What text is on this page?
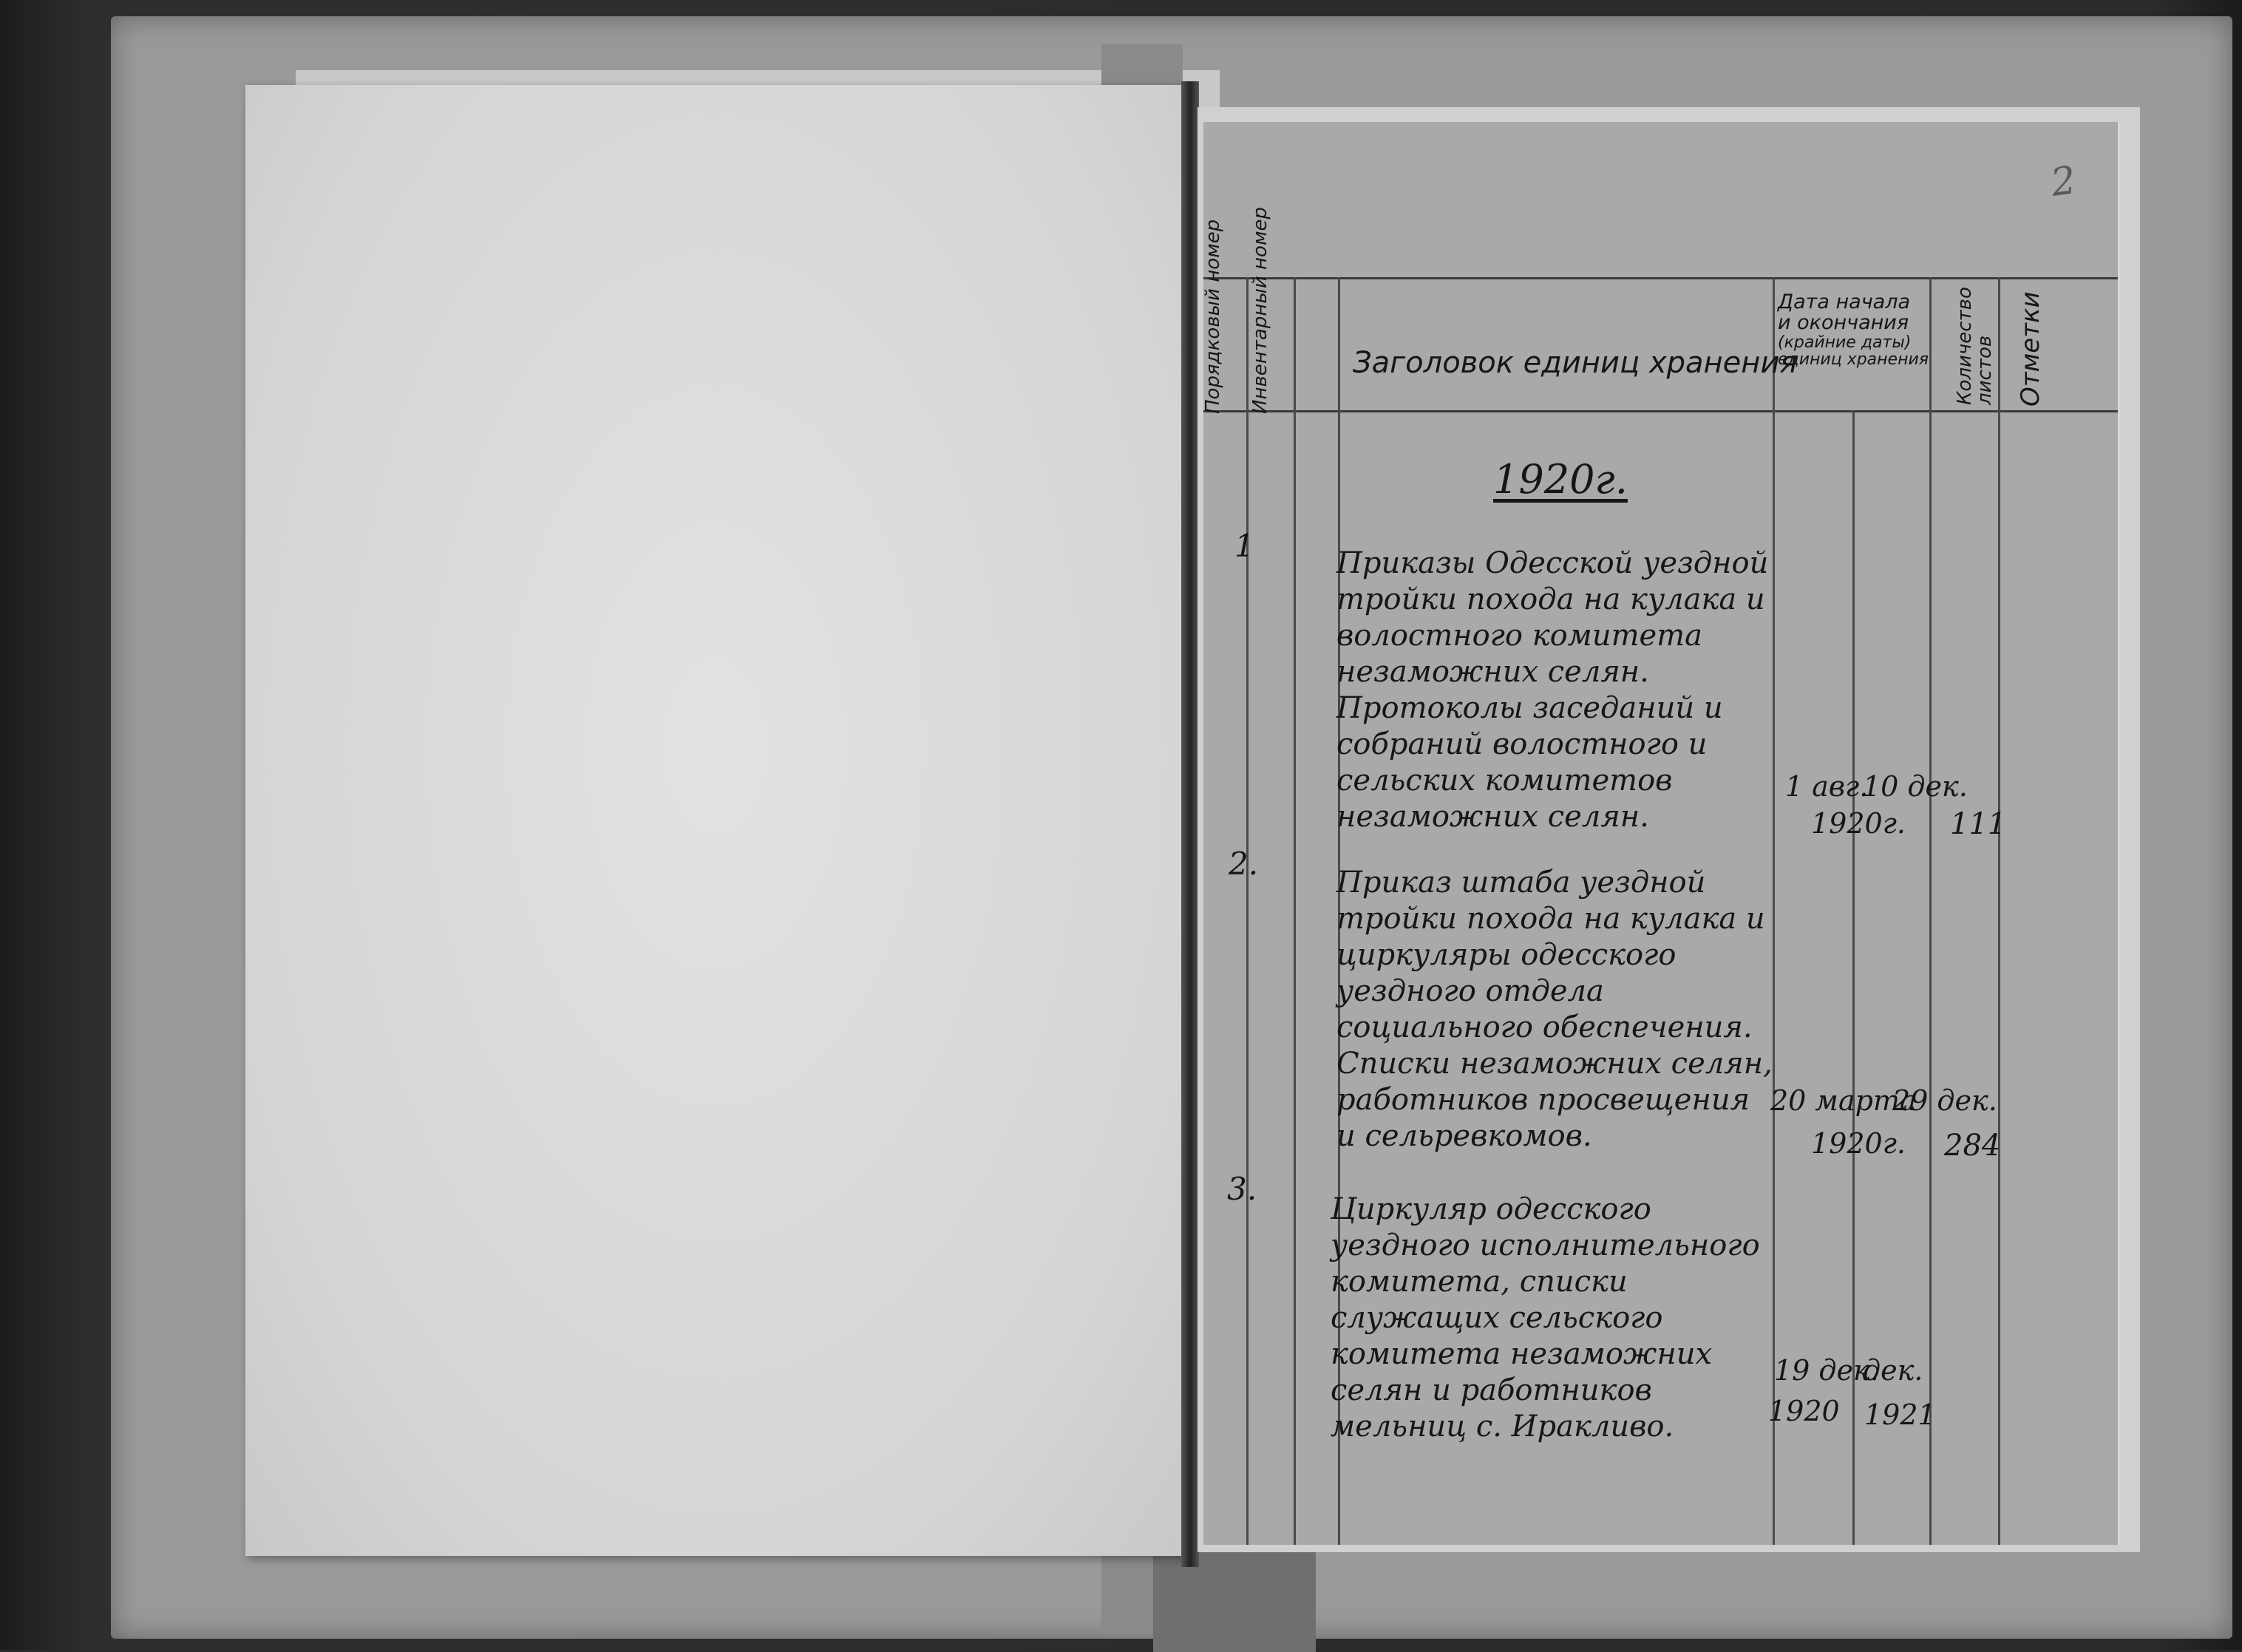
2
Порядковый номер Инвентарный номер	Заголовок единиц хранения
Дата начала
и окончания
(крайние даты)
единиц хранения Количество
листов Отметки
1920г.
1	Приказы Одесской уездной тройки похода на кулака и волостного комитета незаможних селян. Протоколы заседаний и собраний волостного и сельских комитетов незаможних селян.
1 авг.
10 дек.
1920г. 111
2.
Приказ штаба уездной тройки похода на кулака и циркуляры одесского уездного отдела социального обеспечения. Списки незаможних селян, работников просвещения и сельревкомов.
20 марта
29 дек.
1920г. 284
3.
Циркуляр одесского уездного исполнительного комитета, списки служащих сельского комитета незаможних селян и работников мельниц с. Иракливо.
19 дек.
дек.
1920 1921
